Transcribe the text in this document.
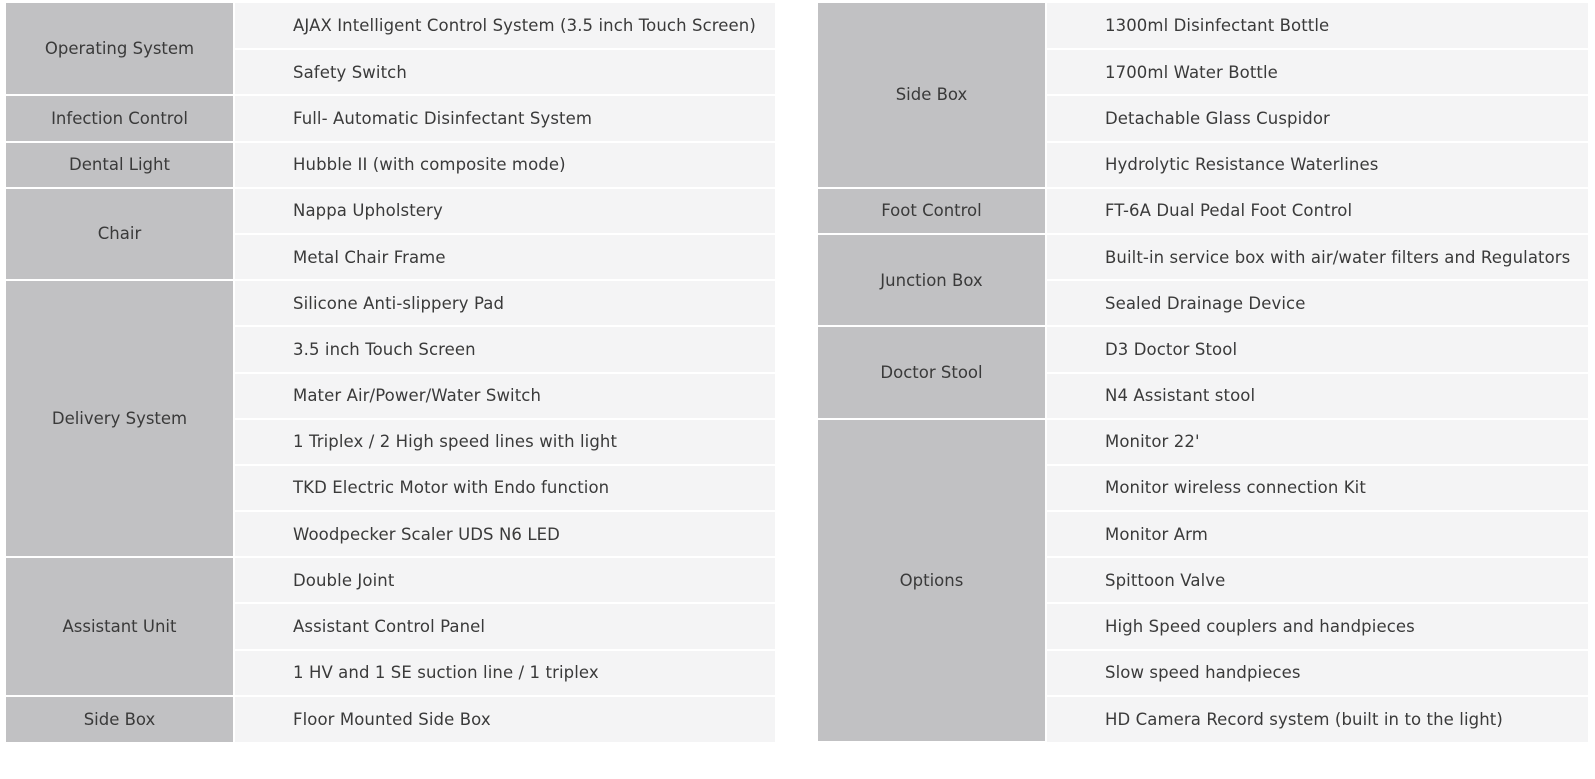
Operating System	AJAX Intelligent Control System (3.5 inch Touch Screen)
	Safety Switch
Infection Control	Full- Automatic Disinfectant System
Dental Light	Hubble II (with composite mode)
Chair	Nappa Upholstery
	Metal Chair Frame
Delivery System	Silicone Anti-slippery Pad
	3.5 inch Touch Screen
	Mater Air/Power/Water Switch
	1 Triplex / 2 High speed lines with light
	TKD Electric Motor with Endo function
	Woodpecker Scaler UDS N6 LED
Assistant Unit	Double Joint
	Assistant Control Panel
	1 HV and 1 SE suction line / 1 triplex
Side Box	Floor Mounted Side Box
Side Box	1300ml Disinfectant Bottle
	1700ml Water Bottle
	Detachable Glass Cuspidor
	Hydrolytic Resistance Waterlines
Foot Control	FT-6A Dual Pedal Foot Control
Junction Box	Built-in service box with air/water filters and Regulators
	Sealed Drainage Device
Doctor Stool	D3 Doctor Stool
	N4 Assistant stool
Options	Monitor 22'
	Monitor wireless connection Kit
	Monitor Arm
	Spittoon Valve
	High Speed couplers and handpieces
	Slow speed handpieces
	HD Camera Record system (built in to the light)
